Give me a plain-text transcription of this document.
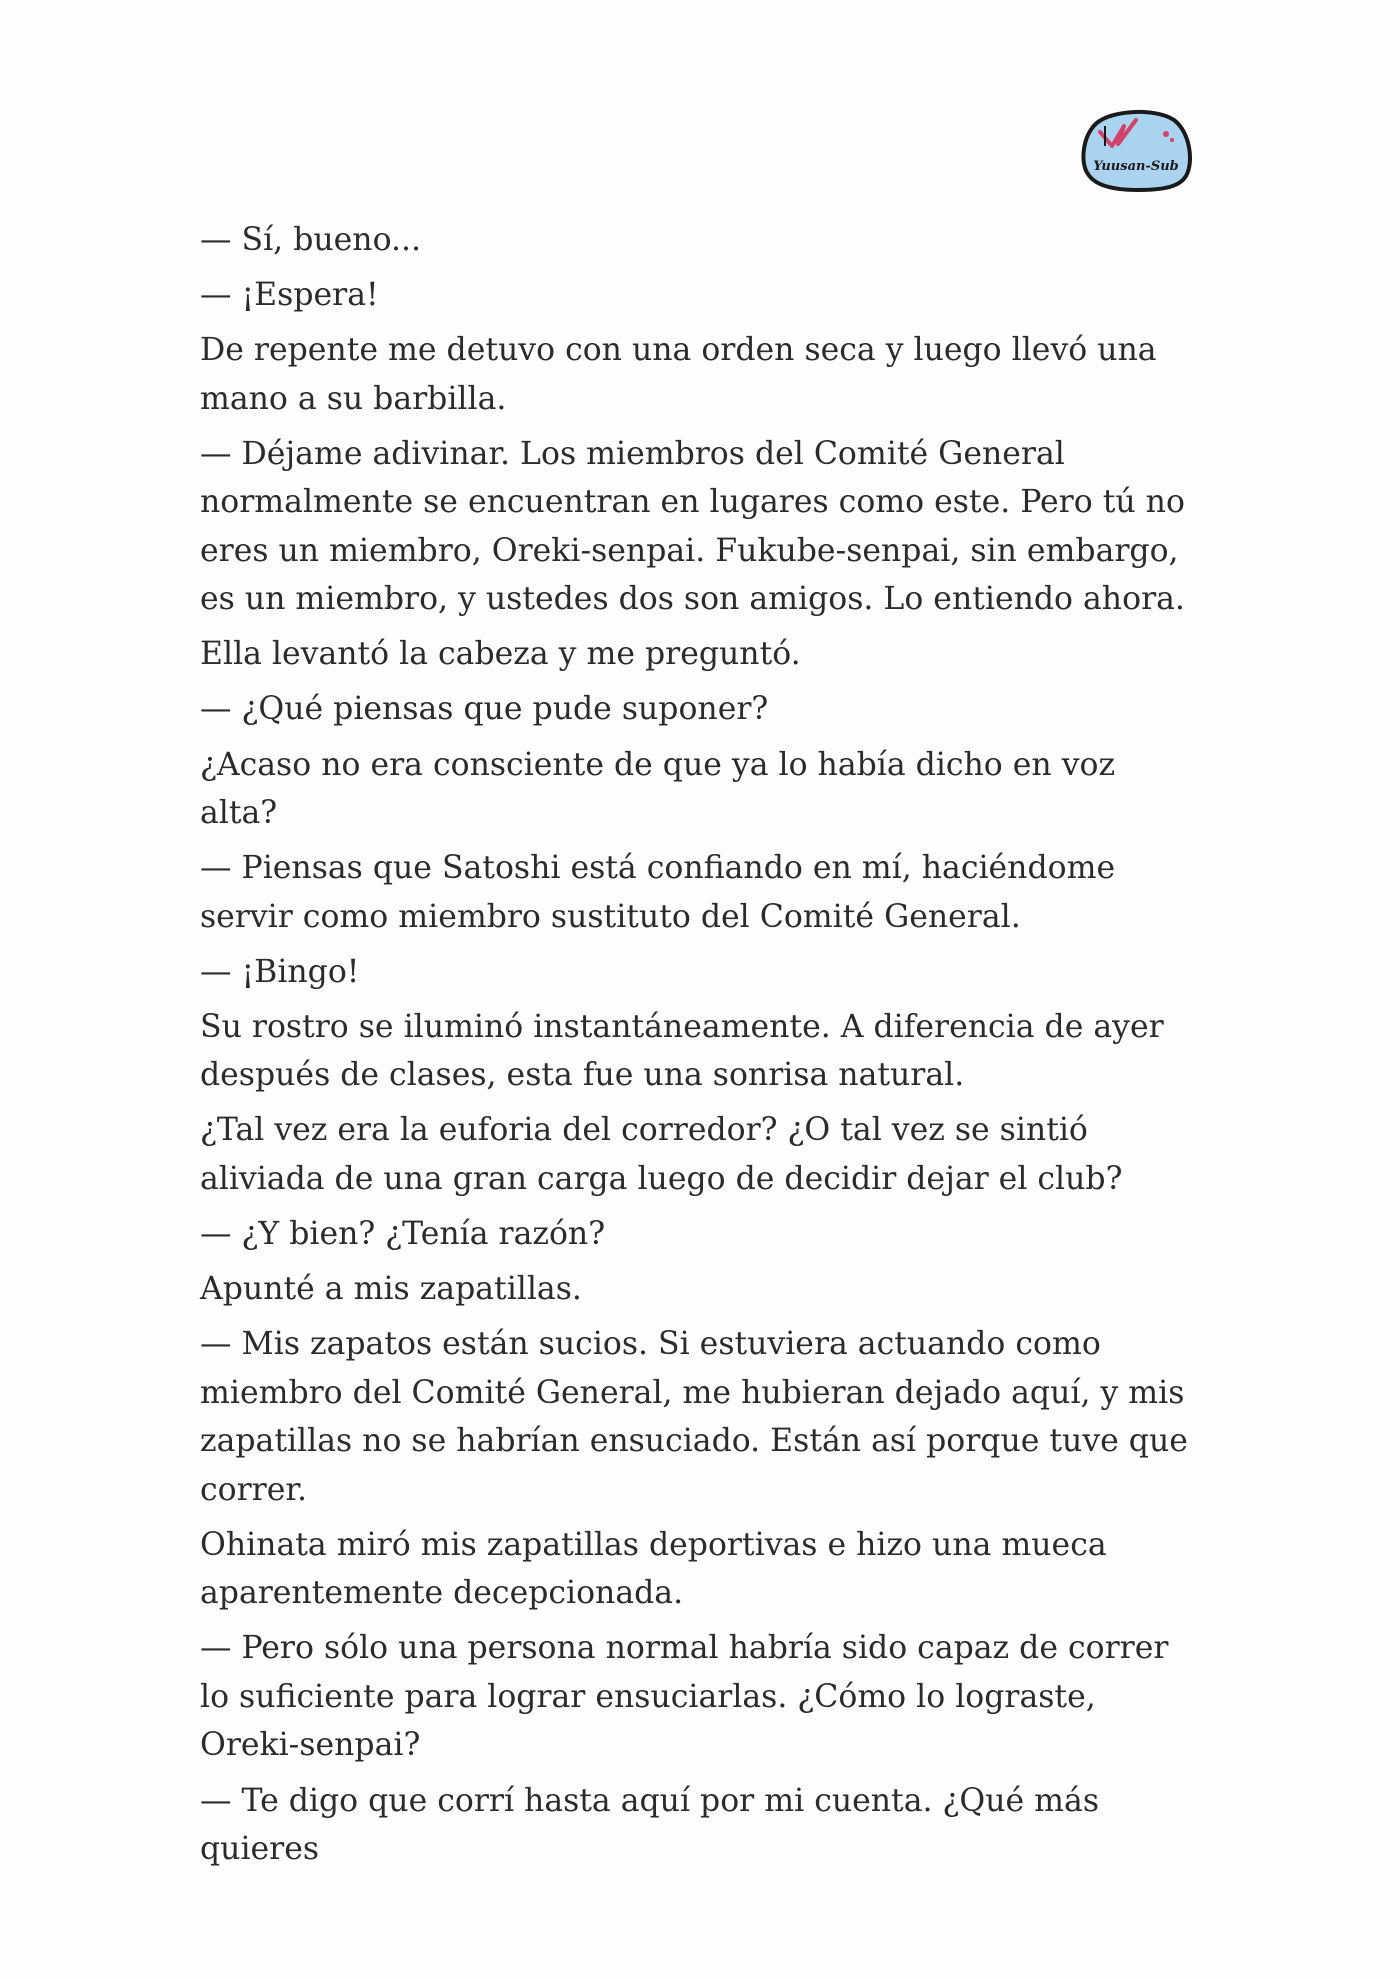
Yuusan-Sub

— Sí, bueno...

— ¡Espera!

De repente me detuvo con una orden seca y luego llevó una mano a su barbilla.

— Déjame adivinar. Los miembros del Comité General normalmente se encuentran en lugares como este. Pero tú no eres un miembro, Oreki-senpai. Fukube-senpai, sin embargo, es un miembro, y ustedes dos son amigos. Lo entiendo ahora.

Ella levantó la cabeza y me preguntó.

— ¿Qué piensas que pude suponer?

¿Acaso no era consciente de que ya lo había dicho en voz alta?

— Piensas que Satoshi está confiando en mí, haciéndome servir como miembro sustituto del Comité General.

— ¡Bingo!

Su rostro se iluminó instantáneamente. A diferencia de ayer después de clases, esta fue una sonrisa natural.

¿Tal vez era la euforia del corredor? ¿O tal vez se sintió aliviada de una gran carga luego de decidir dejar el club?

— ¿Y bien? ¿Tenía razón?

Apunté a mis zapatillas.

— Mis zapatos están sucios. Si estuviera actuando como miembro del Comité General, me hubieran dejado aquí, y mis zapatillas no se habrían ensuciado. Están así porque tuve que correr.

Ohinata miró mis zapatillas deportivas e hizo una mueca aparentemente decepcionada.

— Pero sólo una persona normal habría sido capaz de correr lo suficiente para lograr ensuciarlas. ¿Cómo lo lograste, Oreki-senpai?

— Te digo que corrí hasta aquí por mi cuenta. ¿Qué más quieres
